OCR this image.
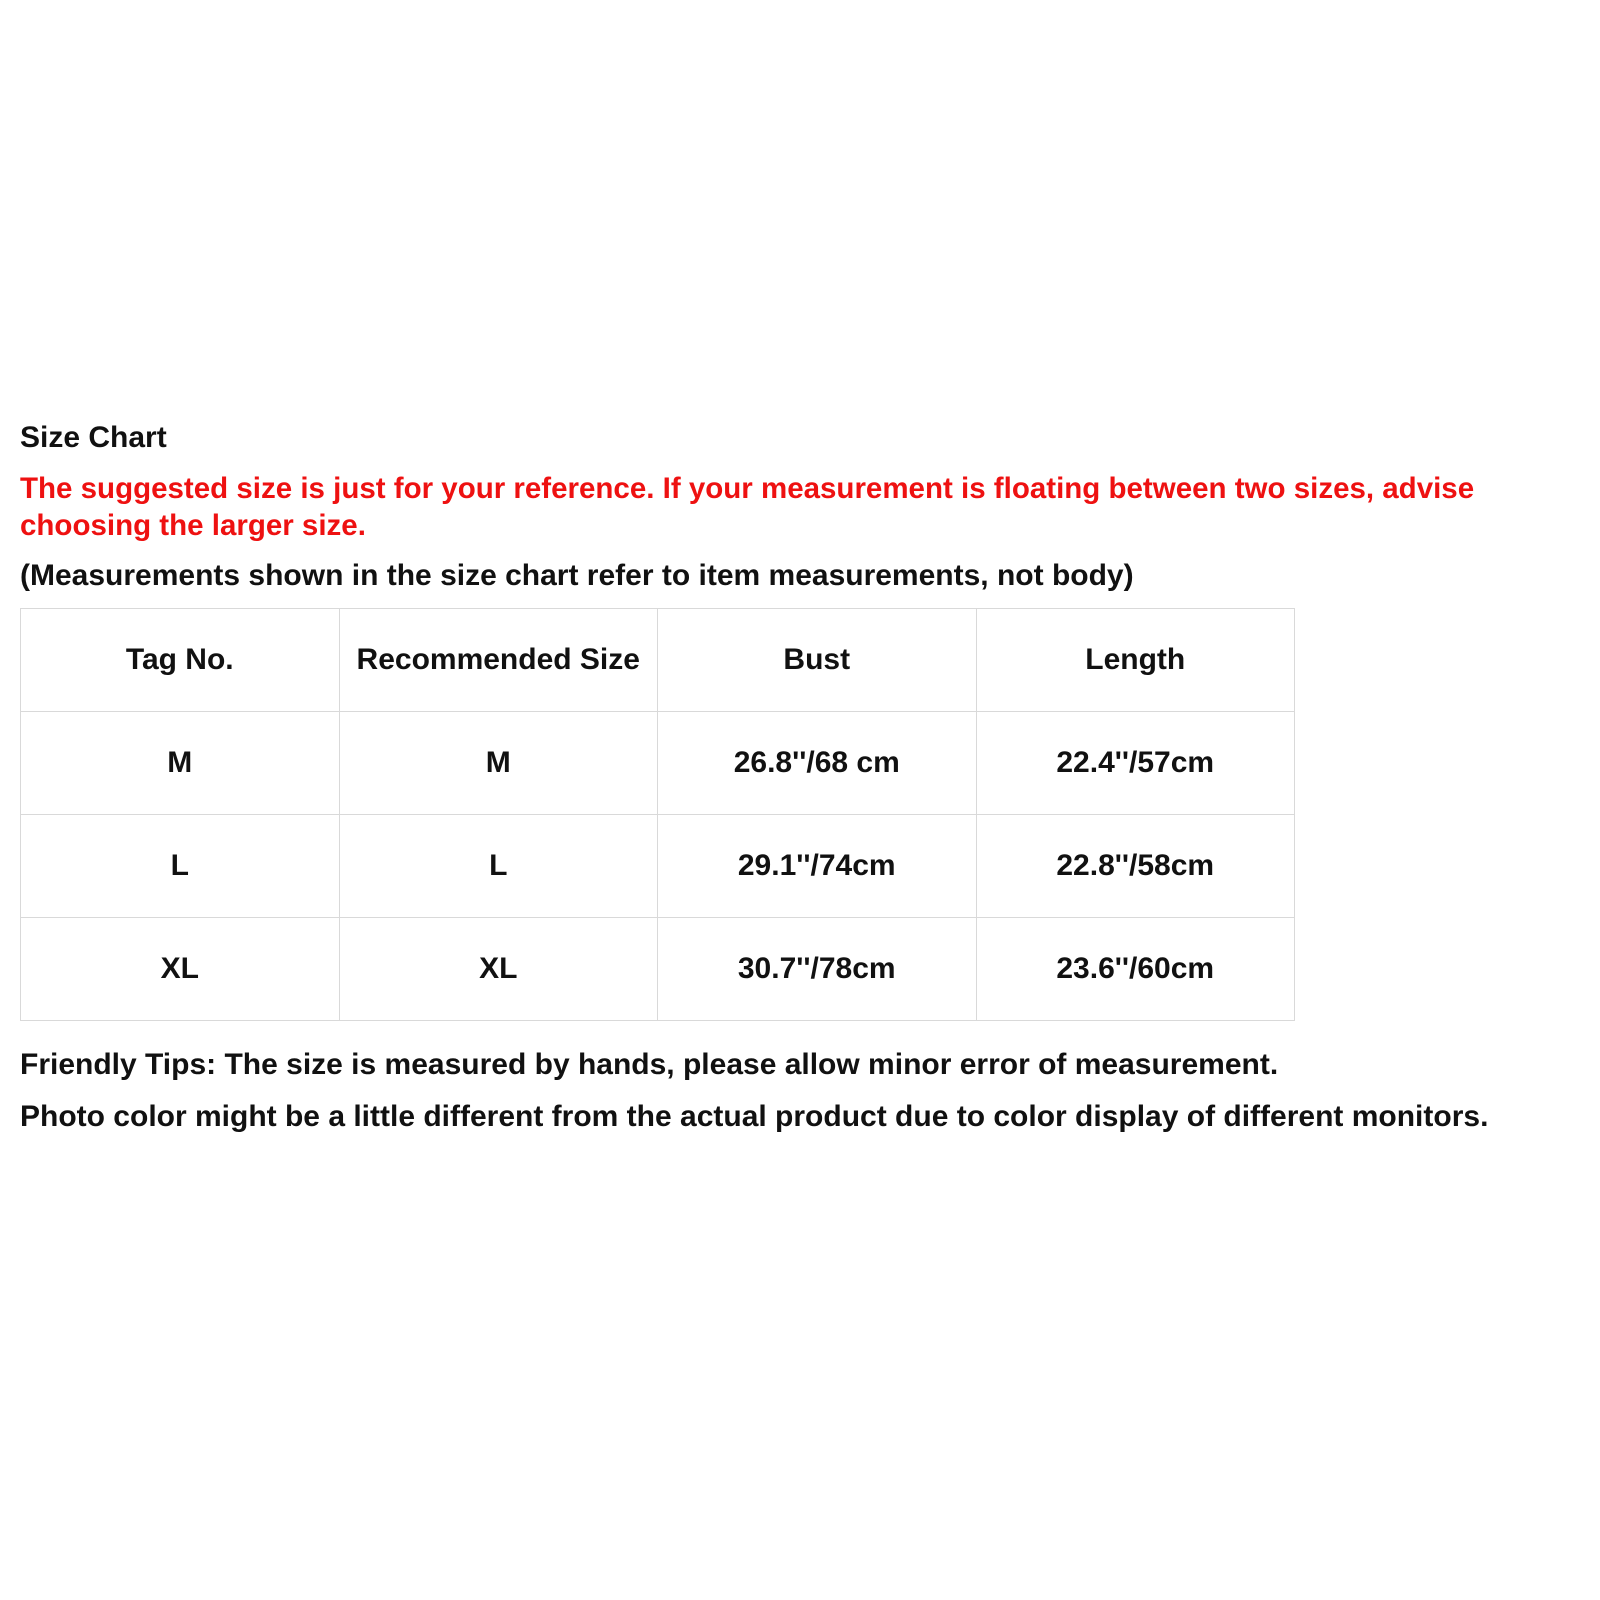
Size Chart
The suggested size is just for your reference. If your measurement is floating between two sizes, advise
choosing the larger size.
(Measurements shown in the size chart refer to item measurements, not body)
Tag No.	Recommended Size	Bust	Length
M	M	26.8''/68 cm	22.4''/57cm
L	L	29.1''/74cm	22.8''/58cm
XL	XL	30.7''/78cm	23.6''/60cm
Friendly Tips: The size is measured by hands, please allow minor error of measurement.
Photo color might be a little different from the actual product due to color display of different monitors.
